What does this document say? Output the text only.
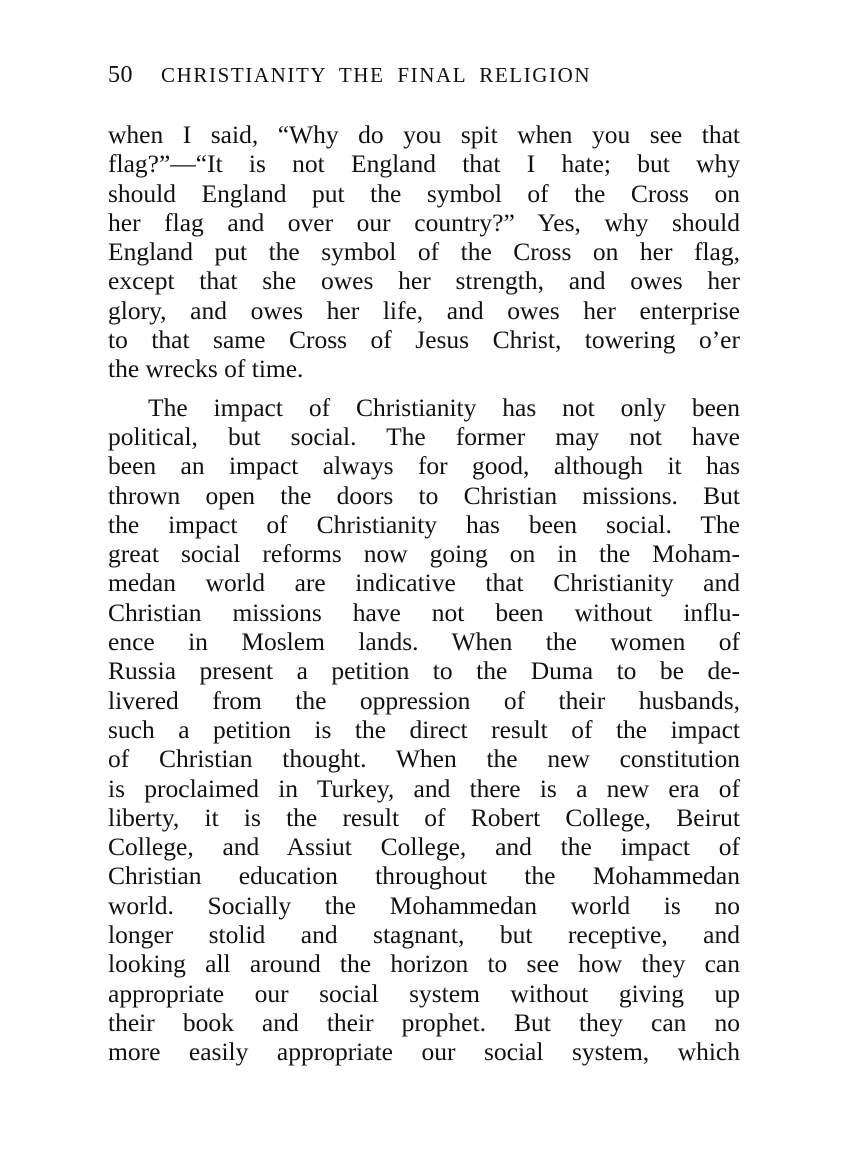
50 CHRISTIANITY THE FINAL RELIGION
when I said, “Why do you spit when you see that
flag?”—“It is not England that I hate; but why
should England put the symbol of the Cross on
her flag and over our country?” Yes, why should
England put the symbol of the Cross on her flag,
except that she owes her strength, and owes her
glory, and owes her life, and owes her enterprise
to that same Cross of Jesus Christ, towering o’er
the wrecks of time.
The impact of Christianity has not only been
political, but social. The former may not have
been an impact always for good, although it has
thrown open the doors to Christian missions. But
the impact of Christianity has been social. The
great social reforms now going on in the Moham-
medan world are indicative that Christianity and
Christian missions have not been without influ-
ence in Moslem lands. When the women of
Russia present a petition to the Duma to be de-
livered from the oppression of their husbands,
such a petition is the direct result of the impact
of Christian thought. When the new constitution
is proclaimed in Turkey, and there is a new era of
liberty, it is the result of Robert College, Beirut
College, and Assiut College, and the impact of
Christian education throughout the Mohammedan
world. Socially the Mohammedan world is no
longer stolid and stagnant, but receptive, and
looking all around the horizon to see how they can
appropriate our social system without giving up
their book and their prophet. But they can no
more easily appropriate our social system, which
